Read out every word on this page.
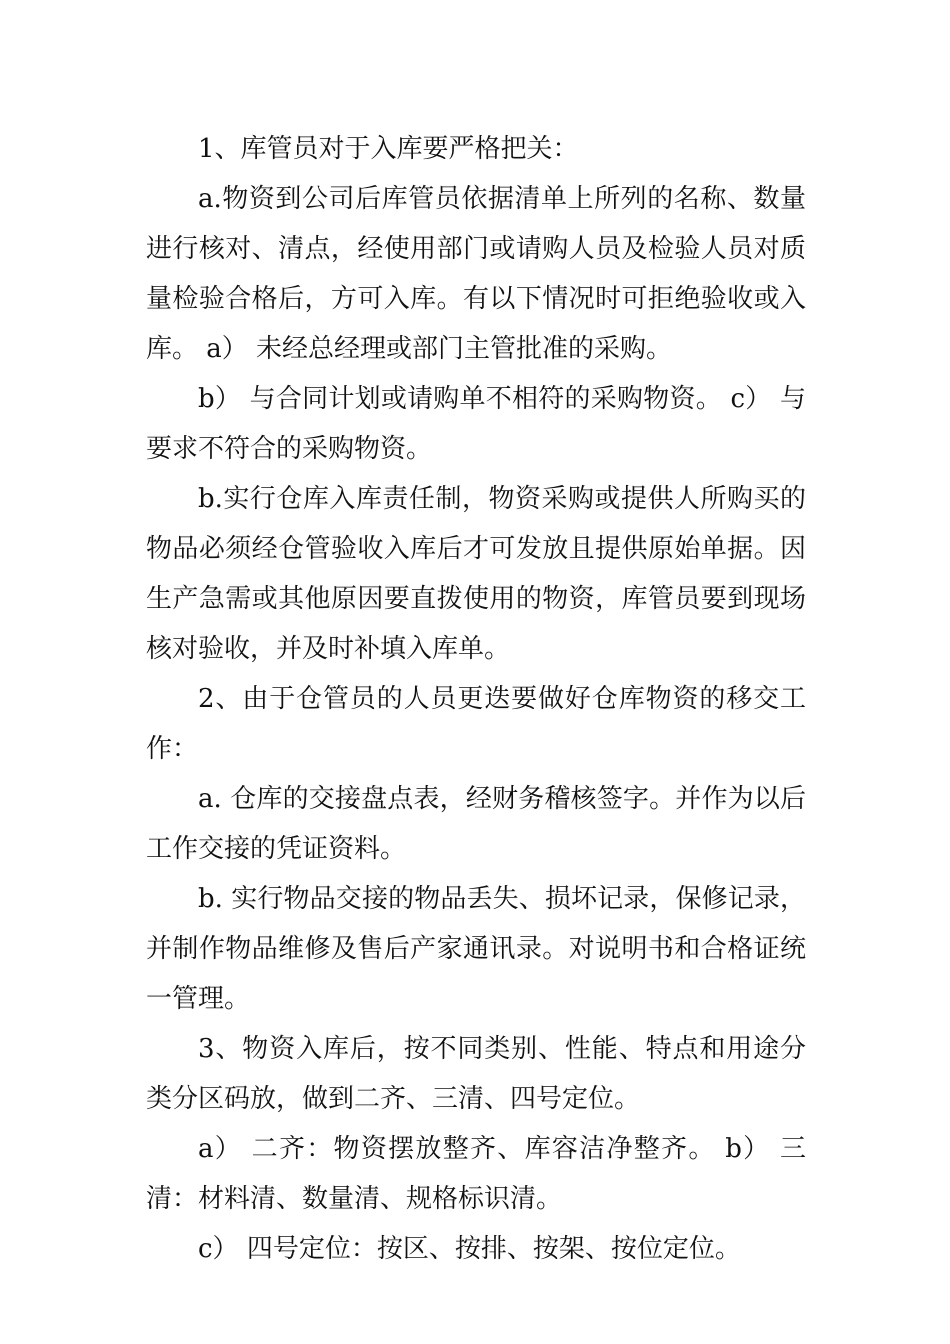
1、库管员对于入库要严格把关：

a.物资到公司后库管员依据清单上所列的名称、数量进行核对、清点，经使用部门或请购人员及检验人员对质量检验合格后，方可入库。有以下情况时可拒绝验收或入库。 a） 未经总经理或部门主管批准的采购。

b） 与合同计划或请购单不相符的采购物资。 c） 与要求不符合的采购物资。

b.实行仓库入库责任制，物资采购或提供人所购买的物品必须经仓管验收入库后才可发放且提供原始单据。因生产急需或其他原因要直拨使用的物资，库管员要到现场核对验收，并及时补填入库单。

2、由于仓管员的人员更迭要做好仓库物资的移交工作：

a. 仓库的交接盘点表，经财务稽核签字。并作为以后工作交接的凭证资料。

b. 实行物品交接的物品丢失、损坏记录，保修记录，并制作物品维修及售后产家通讯录。对说明书和合格证统一管理。

3、物资入库后，按不同类别、性能、特点和用途分类分区码放，做到二齐、三清、四号定位。

a） 二齐：物资摆放整齐、库容洁净整齐。 b） 三清：材料清、数量清、规格标识清。

c） 四号定位：按区、按排、按架、按位定位。
